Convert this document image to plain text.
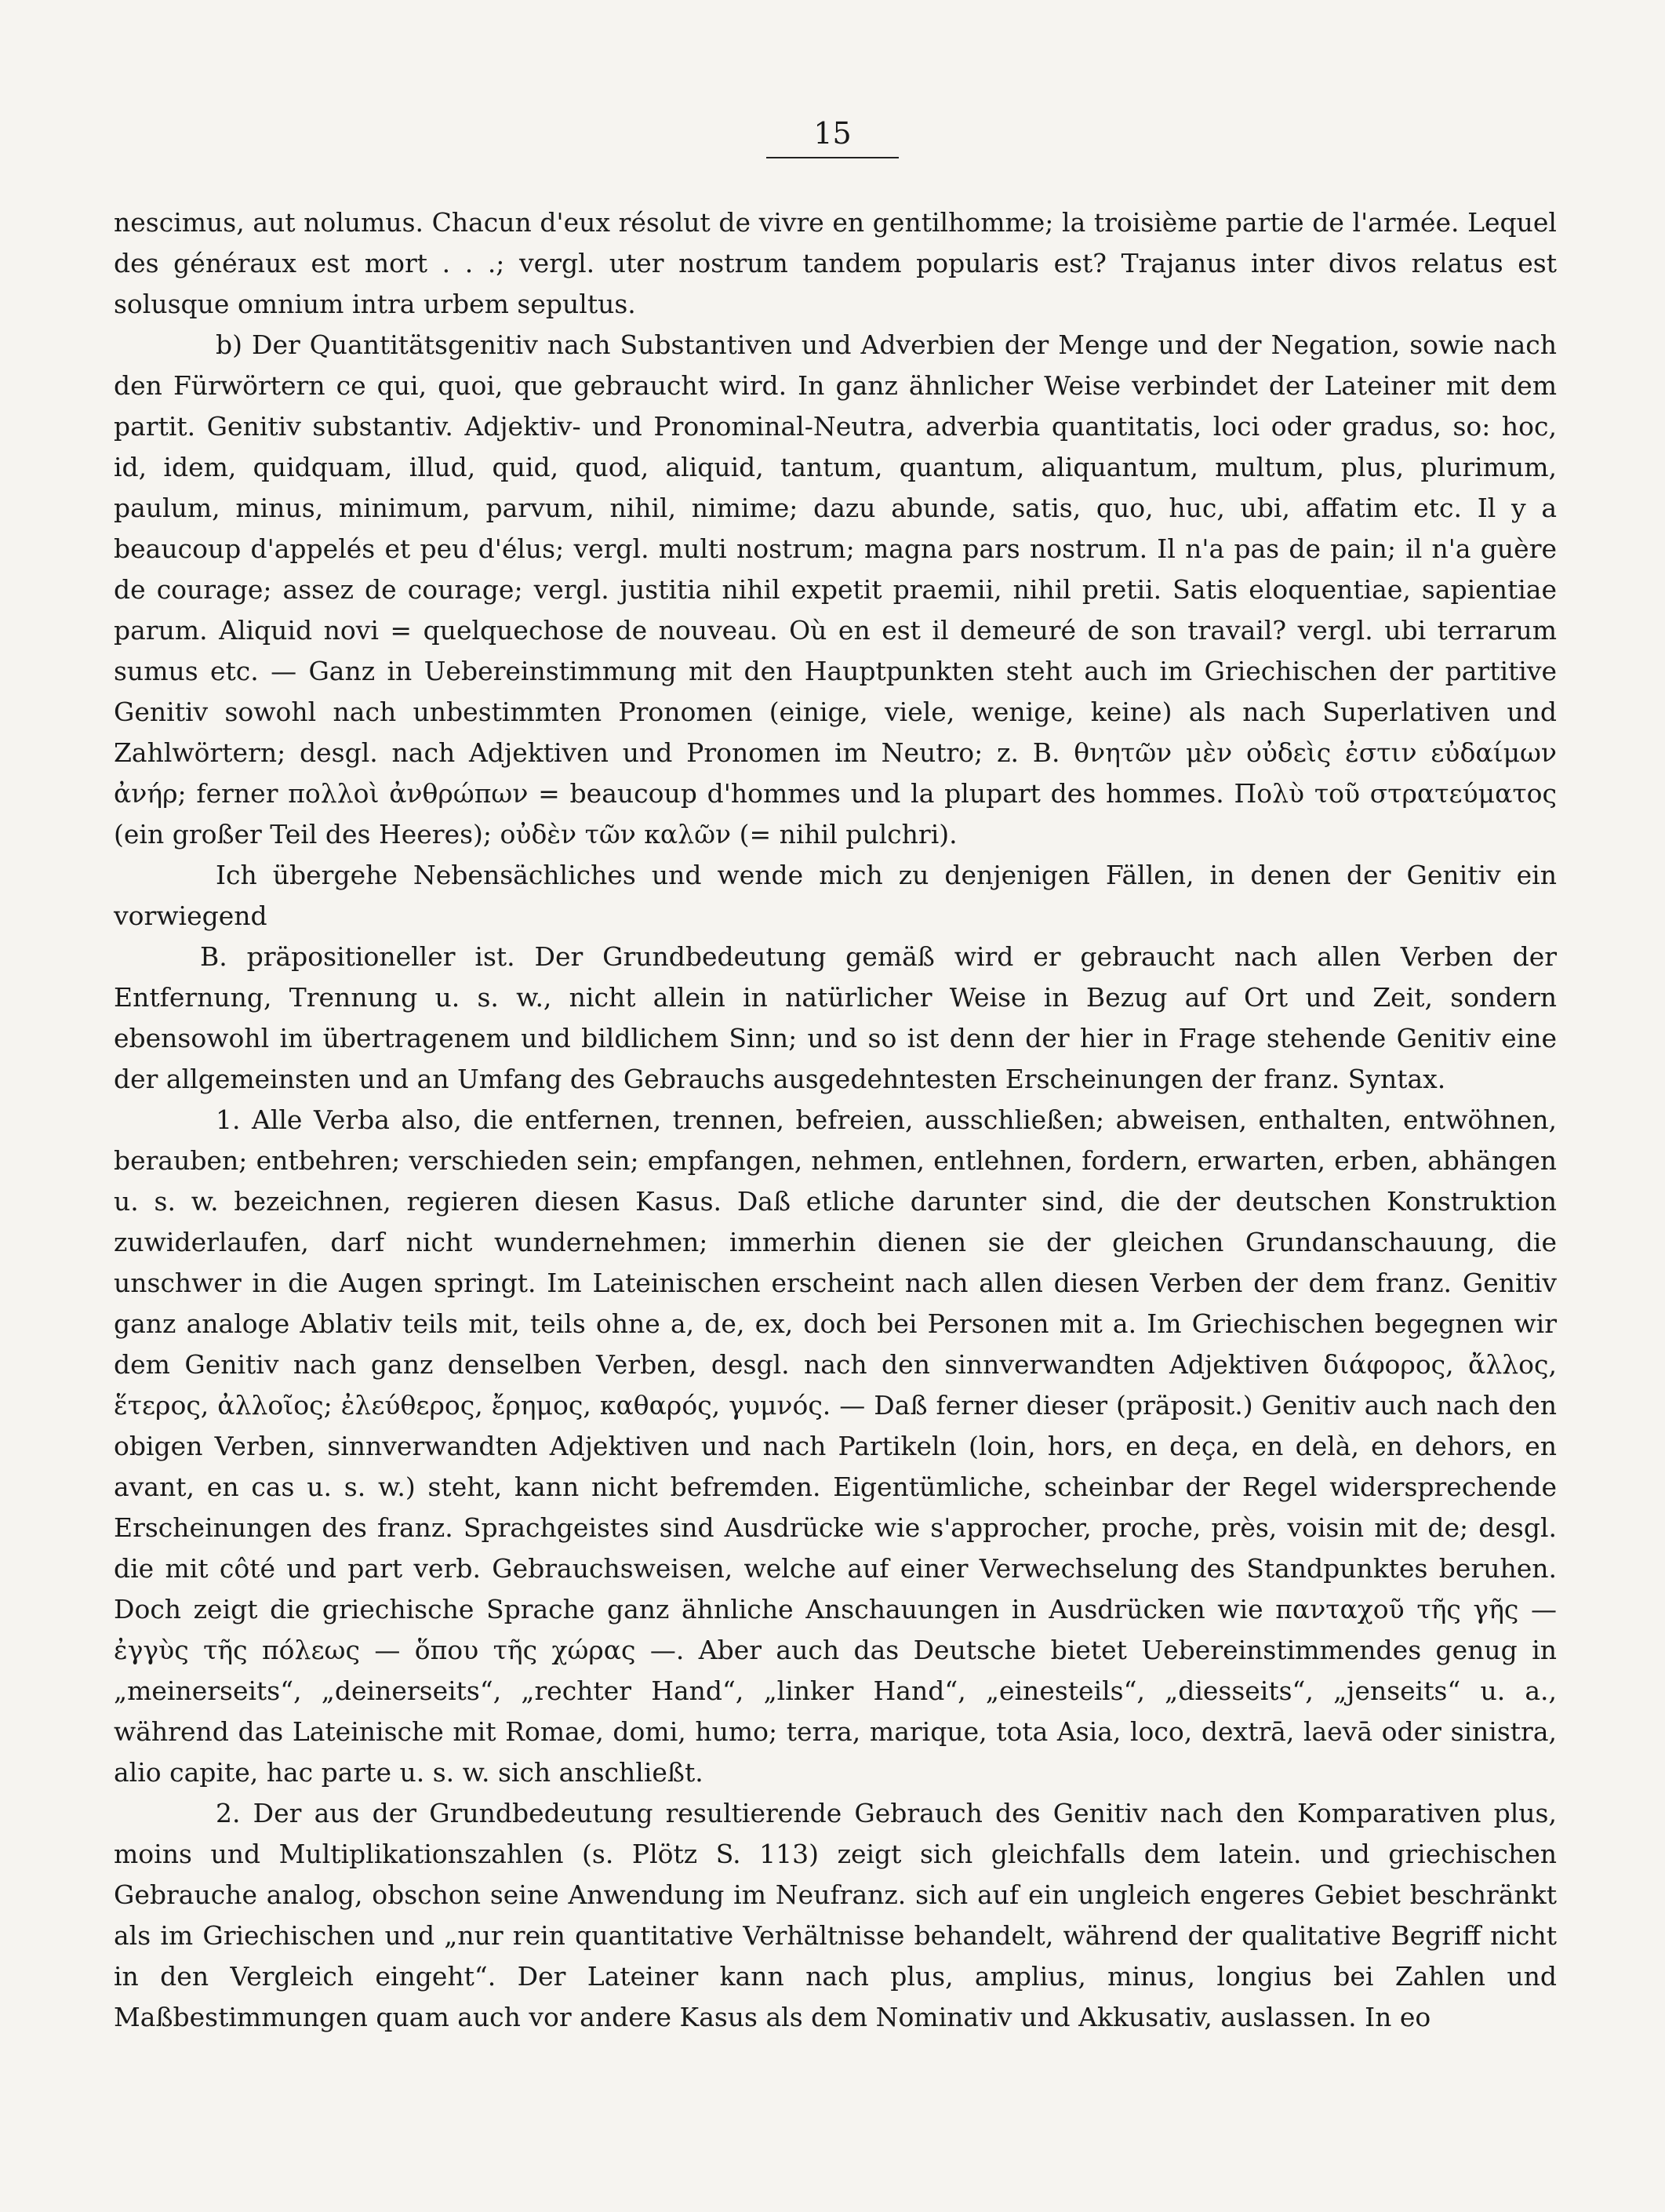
15

nescimus, aut nolumus. Chacun d'eux résolut de vivre en gentilhomme; la troisième partie de l'armée. Lequel des généraux est mort . . .; vergl. uter nostrum tandem popularis est? Trajanus inter divos relatus est solusque omnium intra urbem sepultus.

b) Der Quantitätsgenitiv nach Substantiven und Adverbien der Menge und der Negation, sowie nach den Fürwörtern ce qui, quoi, que gebraucht wird. In ganz ähnlicher Weise verbindet der Lateiner mit dem partit. Genitiv substantiv. Adjektiv- und Pronominal-Neutra, adverbia quantitatis, loci oder gradus, so: hoc, id, idem, quidquam, illud, quid, quod, aliquid, tantum, quantum, aliquantum, multum, plus, plurimum, paulum, minus, minimum, parvum, nihil, nimime; dazu abunde, satis, quo, huc, ubi, affatim etc. Il y a beaucoup d'appelés et peu d'élus; vergl. multi nostrum; magna pars nostrum. Il n'a pas de pain; il n'a guère de courage; assez de courage; vergl. justitia nihil expetit praemii, nihil pretii. Satis eloquentiae, sapientiae parum. Aliquid novi = quelquechose de nouveau. Où en est il demeuré de son travail? vergl. ubi terrarum sumus etc. — Ganz in Uebereinstimmung mit den Hauptpunkten steht auch im Griechischen der partitive Genitiv sowohl nach unbestimmten Pronomen (einige, viele, wenige, keine) als nach Superlativen und Zahlwörtern; desgl. nach Adjektiven und Pronomen im Neutro; z. B. θνητῶν μὲν οὐδεὶς ἐστιν εὐδαίμων ἀνήρ; ferner πολλοὶ ἀνθρώπων = beaucoup d'hommes und la plupart des hommes. Πολὺ τοῦ στρατεύματος (ein großer Teil des Heeres); οὐδὲν τῶν καλῶν (= nihil pulchri).

Ich übergehe Nebensächliches und wende mich zu denjenigen Fällen, in denen der Genitiv ein vorwiegend

B. präpositioneller ist. Der Grundbedeutung gemäß wird er gebraucht nach allen Verben der Entfernung, Trennung u. s. w., nicht allein in natürlicher Weise in Bezug auf Ort und Zeit, sondern ebensowohl im übertragenem und bildlichem Sinn; und so ist denn der hier in Frage stehende Genitiv eine der allgemeinsten und an Umfang des Gebrauchs ausgedehntesten Erscheinungen der franz. Syntax.

1. Alle Verba also, die entfernen, trennen, befreien, ausschließen; abweisen, enthalten, entwöhnen, berauben; entbehren; verschieden sein; empfangen, nehmen, entlehnen, fordern, erwarten, erben, abhängen u. s. w. bezeichnen, regieren diesen Kasus. Daß etliche darunter sind, die der deutschen Konstruktion zuwiderlaufen, darf nicht wundernehmen; immerhin dienen sie der gleichen Grundanschauung, die unschwer in die Augen springt. Im Lateinischen erscheint nach allen diesen Verben der dem franz. Genitiv ganz analoge Ablativ teils mit, teils ohne a, de, ex, doch bei Personen mit a. Im Griechischen begegnen wir dem Genitiv nach ganz denselben Verben, desgl. nach den sinnverwandten Adjektiven διάφορος, ἄλλος, ἕτερος, ἀλλοῖος; ἐλεύθερος, ἔρημος, καθαρός, γυμνός. — Daß ferner dieser (präposit.) Genitiv auch nach den obigen Verben, sinnverwandten Adjektiven und nach Partikeln (loin, hors, en deça, en delà, en dehors, en avant, en cas u. s. w.) steht, kann nicht befremden. Eigentümliche, scheinbar der Regel widersprechende Erscheinungen des franz. Sprachgeistes sind Ausdrücke wie s'approcher, proche, près, voisin mit de; desgl. die mit côté und part verb. Gebrauchsweisen, welche auf einer Verwechselung des Standpunktes beruhen. Doch zeigt die griechische Sprache ganz ähnliche Anschauungen in Ausdrücken wie πανταχοῦ τῆς γῆς — ἐγγὺς τῆς πόλεως — ὅπου τῆς χώρας —. Aber auch das Deutsche bietet Uebereinstimmendes genug in „meinerseits“, „deinerseits“, „rechter Hand“, „linker Hand“, „einesteils“, „diesseits“, „jenseits“ u. a., während das Lateinische mit Romae, domi, humo; terra, marique, tota Asia, loco, dextrā, laevā oder sinistra, alio capite, hac parte u. s. w. sich anschließt.

2. Der aus der Grundbedeutung resultierende Gebrauch des Genitiv nach den Komparativen plus, moins und Multiplikationszahlen (s. Plötz S. 113) zeigt sich gleichfalls dem latein. und griechischen Gebrauche analog, obschon seine Anwendung im Neufranz. sich auf ein ungleich engeres Gebiet beschränkt als im Griechischen und „nur rein quantitative Verhältnisse behandelt, während der qualitative Begriff nicht in den Vergleich eingeht“. Der Lateiner kann nach plus, amplius, minus, longius bei Zahlen und Maßbestimmungen quam auch vor andere Kasus als dem Nominativ und Akkusativ, auslassen. In eo
